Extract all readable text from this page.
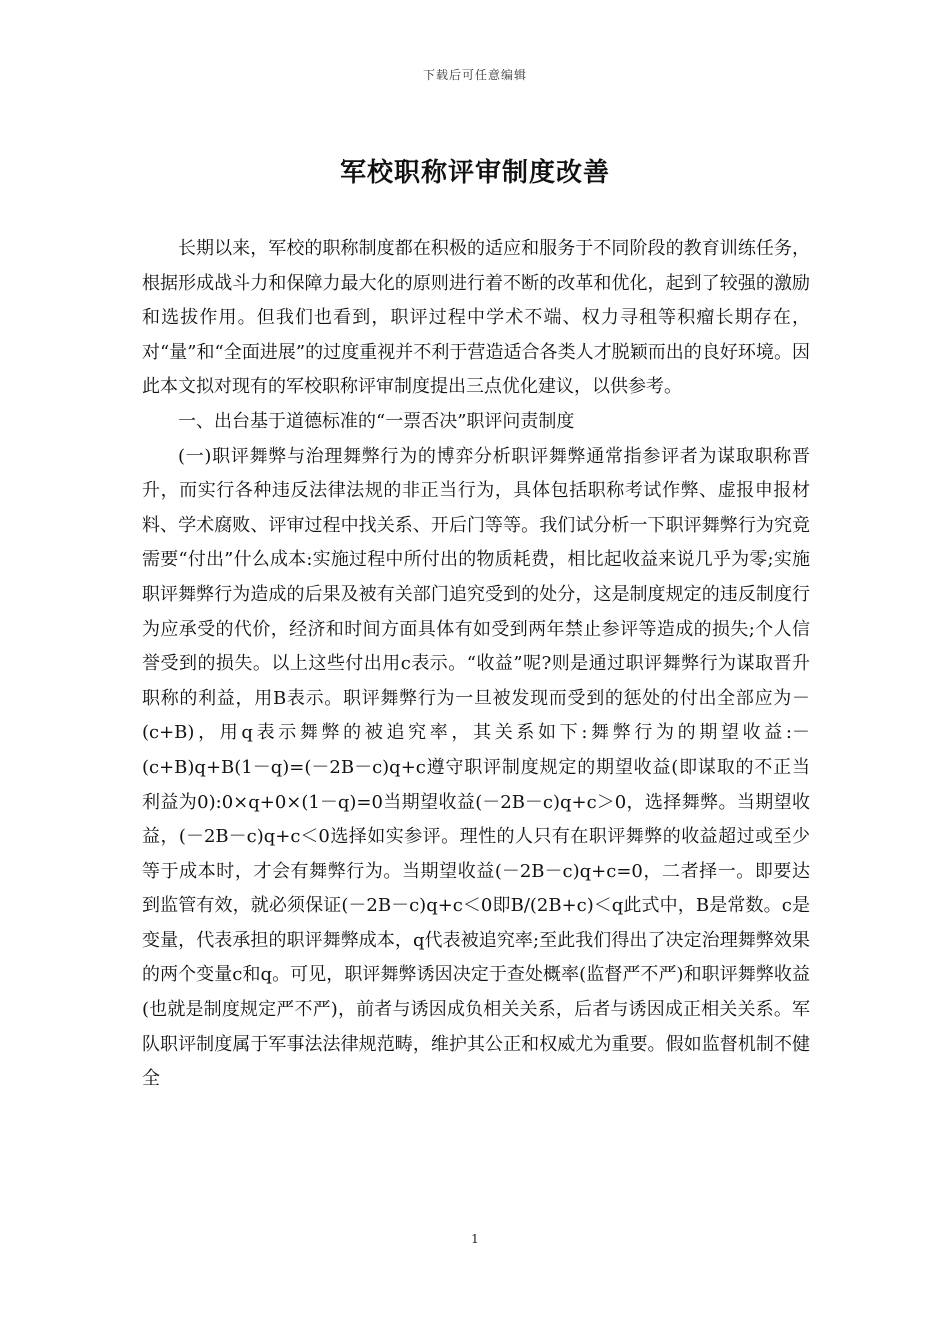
下载后可任意编辑
军校职称评审制度改善

长期以来，军校的职称制度都在积极的适应和服务于不同阶段的教育训练任务，根据形成战斗力和保障力最大化的原则进行着不断的改革和优化，起到了较强的激励和选拔作用。但我们也看到，职评过程中学术不端、权力寻租等积瘤长期存在，对“量”和“全面进展”的过度重视并不利于营造适合各类人才脱颖而出的良好环境。因此本文拟对现有的军校职称评审制度提出三点优化建议，以供参考。

一、出台基于道德标准的“一票否决”职评问责制度

(一)职评舞弊与治理舞弊行为的博弈分析职评舞弊通常指参评者为谋取职称晋升，而实行各种违反法律法规的非正当行为，具体包括职称考试作弊、虚报申报材料、学术腐败、评审过程中找关系、开后门等等。我们试分析一下职评舞弊行为究竟需要“付出”什么成本:实施过程中所付出的物质耗费，相比起收益来说几乎为零;实施职评舞弊行为造成的后果及被有关部门追究受到的处分，这是制度规定的违反制度行为应承受的代价，经济和时间方面具体有如受到两年禁止参评等造成的损失;个人信誉受到的损失。以上这些付出用c表示。“收益”呢?则是通过职评舞弊行为谋取晋升职称的利益，用B表示。职评舞弊行为一旦被发现而受到的惩处的付出全部应为－(c+B)，用q表示舞弊的被追究率，其关系如下:舞弊行为的期望收益:－(c+B)q+B(1－q)=(－2B－c)q+c遵守职评制度规定的期望收益(即谋取的不正当利益为0):0×q+0×(1－q)=0当期望收益(－2B－c)q+c＞0，选择舞弊。当期望收益，(－2B－c)q+c＜0选择如实参评。理性的人只有在职评舞弊的收益超过或至少等于成本时，才会有舞弊行为。当期望收益(－2B－c)q+c=0，二者择一。即要达到监管有效，就必须保证(－2B－c)q+c＜0即B/(2B+c)＜q此式中，B是常数。c是变量，代表承担的职评舞弊成本，q代表被追究率;至此我们得出了决定治理舞弊效果的两个变量c和q。可见，职评舞弊诱因决定于查处概率(监督严不严)和职评舞弊收益(也就是制度规定严不严)，前者与诱因成负相关关系，后者与诱因成正相关关系。军队职评制度属于军事法法律规范畴，维护其公正和权威尤为重要。假如监督机制不健全

1
